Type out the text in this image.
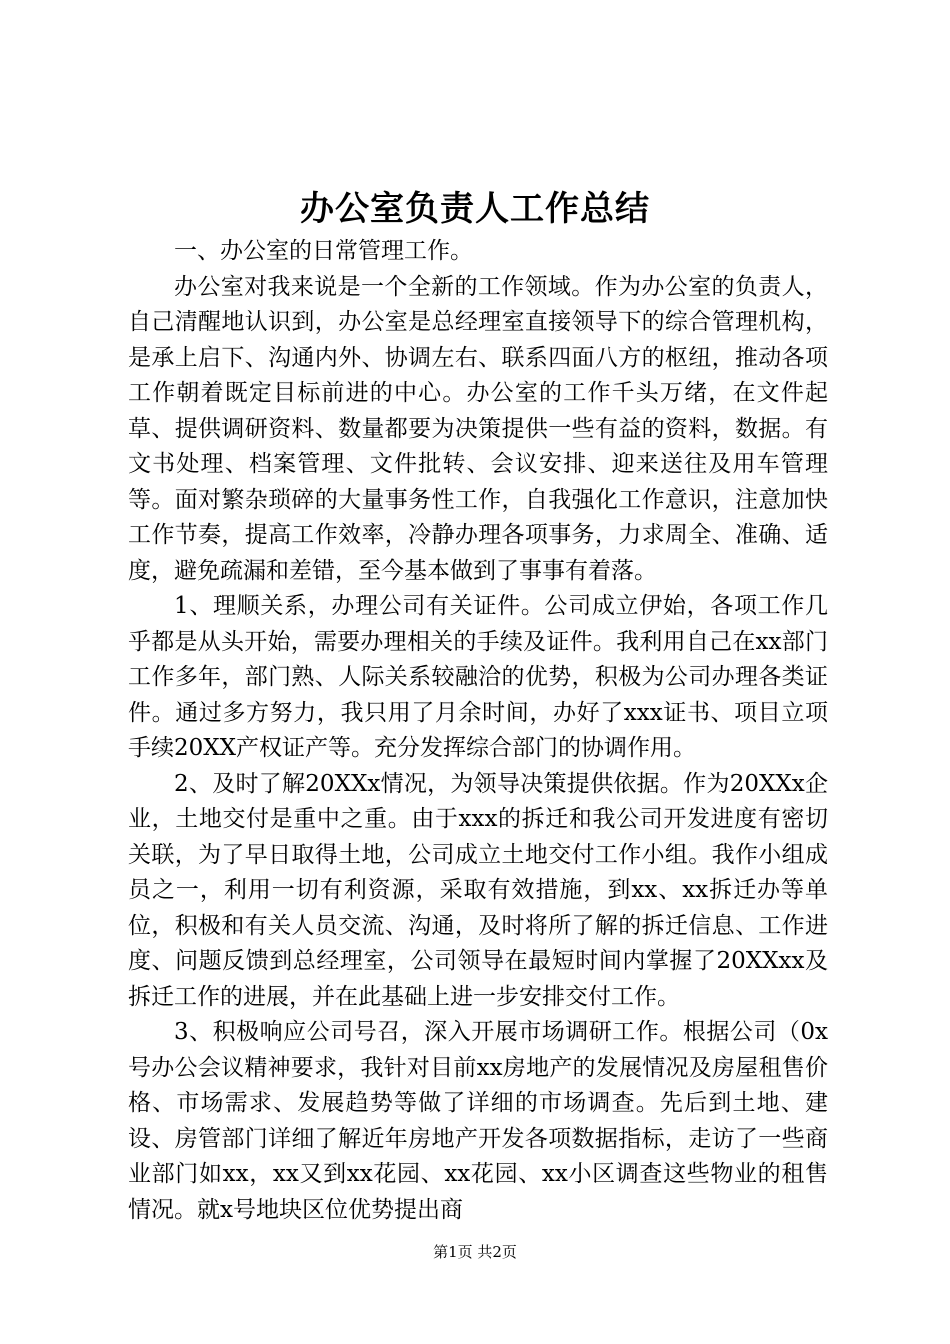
办公室负责人工作总结

一、办公室的日常管理工作。

办公室对我来说是一个全新的工作领域。作为办公室的负责人，自己清醒地认识到，办公室是总经理室直接领导下的综合管理机构，是承上启下、沟通内外、协调左右、联系四面八方的枢纽，推动各项工作朝着既定目标前进的中心。办公室的工作千头万绪，在文件起草、提供调研资料、数量都要为决策提供一些有益的资料，数据。有文书处理、档案管理、文件批转、会议安排、迎来送往及用车管理等。面对繁杂琐碎的大量事务性工作，自我强化工作意识，注意加快工作节奏，提高工作效率，冷静办理各项事务，力求周全、准确、适度，避免疏漏和差错，至今基本做到了事事有着落。

1、理顺关系，办理公司有关证件。公司成立伊始，各项工作几乎都是从头开始，需要办理相关的手续及证件。我利用自己在xx部门工作多年，部门熟、人际关系较融洽的优势，积极为公司办理各类证件。通过多方努力，我只用了月余时间，办好了xxx证书、项目立项手续20XX产权证产等。充分发挥综合部门的协调作用。

2、及时了解20XXx情况，为领导决策提供依据。作为20XXx企业，土地交付是重中之重。由于xxx的拆迁和我公司开发进度有密切关联，为了早日取得土地，公司成立土地交付工作小组。我作小组成员之一，利用一切有利资源，采取有效措施，到xx、xx拆迁办等单位，积极和有关人员交流、沟通，及时将所了解的拆迁信息、工作进度、问题反馈到总经理室，公司领导在最短时间内掌握了20XXxx及拆迁工作的进展，并在此基础上进一步安排交付工作。

3、积极响应公司号召，深入开展市场调研工作。根据公司（0x号办公会议精神要求，我针对目前xx房地产的发展情况及房屋租售价格、市场需求、发展趋势等做了详细的市场调查。先后到土地、建设、房管部门详细了解近年房地产开发各项数据指标，走访了一些商业部门如xx，xx又到xx花园、xx花园、xx小区调查这些物业的租售情况。就x号地块区位优势提出商

第1页 共2页
